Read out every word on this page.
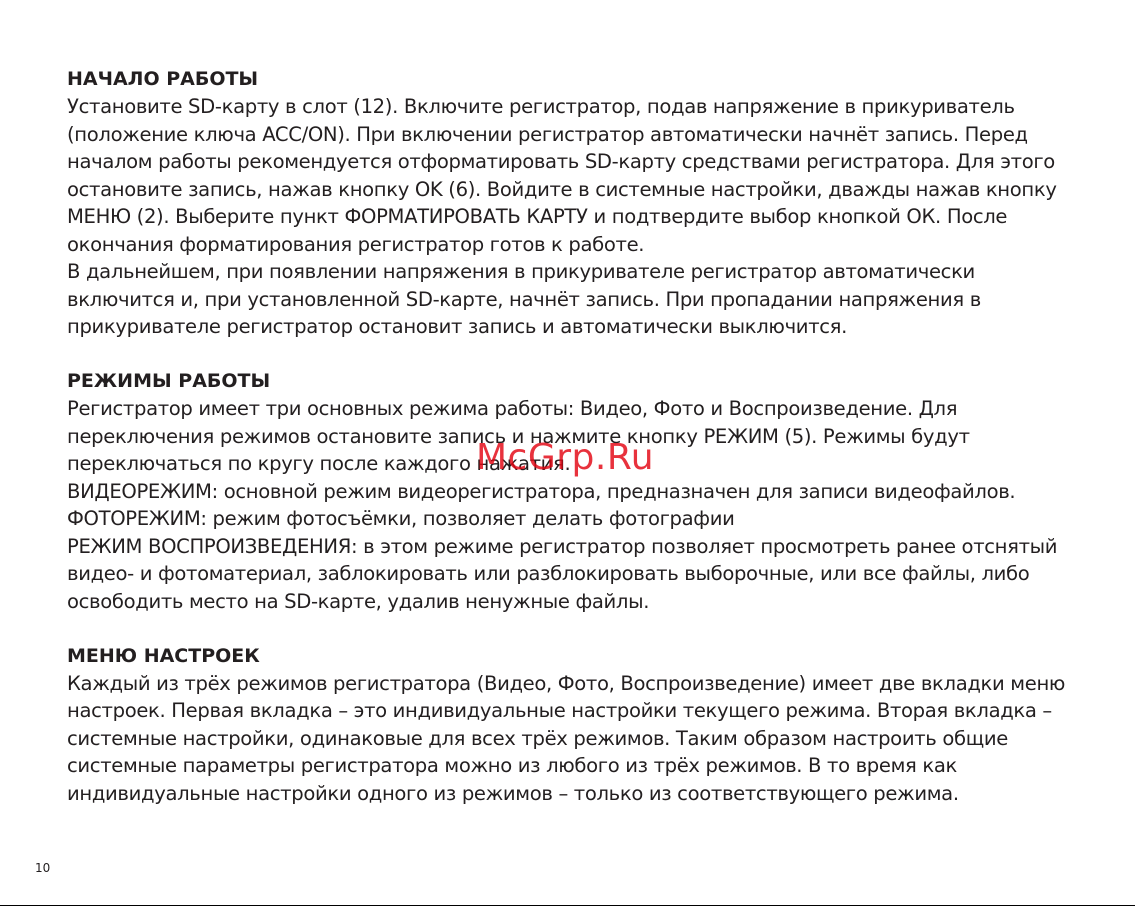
НАЧАЛО РАБОТЫ

Установите SD-карту в слот (12). Включите регистратор, подав напряжение в прикуриватель

(положение ключа ACC/ON). При включении регистратор автоматически начнёт запись. Перед

началом работы рекомендуется отформатировать SD-карту средствами регистратора. Для этого

остановите запись, нажав кнопку OK (6). Войдите в системные настройки, дважды нажав кнопку

МЕНЮ (2). Выберите пункт ФОРМАТИРОВАТЬ КАРТУ и подтвердите выбор кнопкой ОК. После

окончания форматирования регистратор готов к работе.

В дальнейшем, при появлении напряжения в прикуривателе регистратор автоматически

включится и, при установленной SD-карте, начнёт запись. При пропадании напряжения в

прикуривателе регистратор остановит запись и автоматически выключится.

РЕЖИМЫ РАБОТЫ

Регистратор имеет три основных режима работы: Видео, Фото и Воспроизведение. Для

переключения режимов остановите запись и нажмите кнопку РЕЖИМ (5). Режимы будут

переключаться по кругу после каждого нажатия.

ВИДЕОРЕЖИМ: основной режим видеорегистратора, предназначен для записи видеофайлов.

ФОТОРЕЖИМ: режим фотосъёмки, позволяет делать фотографии

РЕЖИМ ВОСПРОИЗВЕДЕНИЯ: в этом режиме регистратор позволяет просмотреть ранее отснятый

видео- и фотоматериал, заблокировать или разблокировать выборочные, или все файлы, либо

освободить место на SD-карте, удалив ненужные файлы.

МЕНЮ НАСТРОЕК

Каждый из трёх режимов регистратора (Видео, Фото, Воспроизведение) имеет две вкладки меню

настроек. Первая вкладка – это индивидуальные настройки текущего режима. Вторая вкладка –

системные настройки, одинаковые для всех трёх режимов. Таким образом настроить общие

системные параметры регистратора можно из любого из трёх режимов. В то время как

индивидуальные настройки одного из режимов – только из соответствующего режима.

McGrp.Ru
10
